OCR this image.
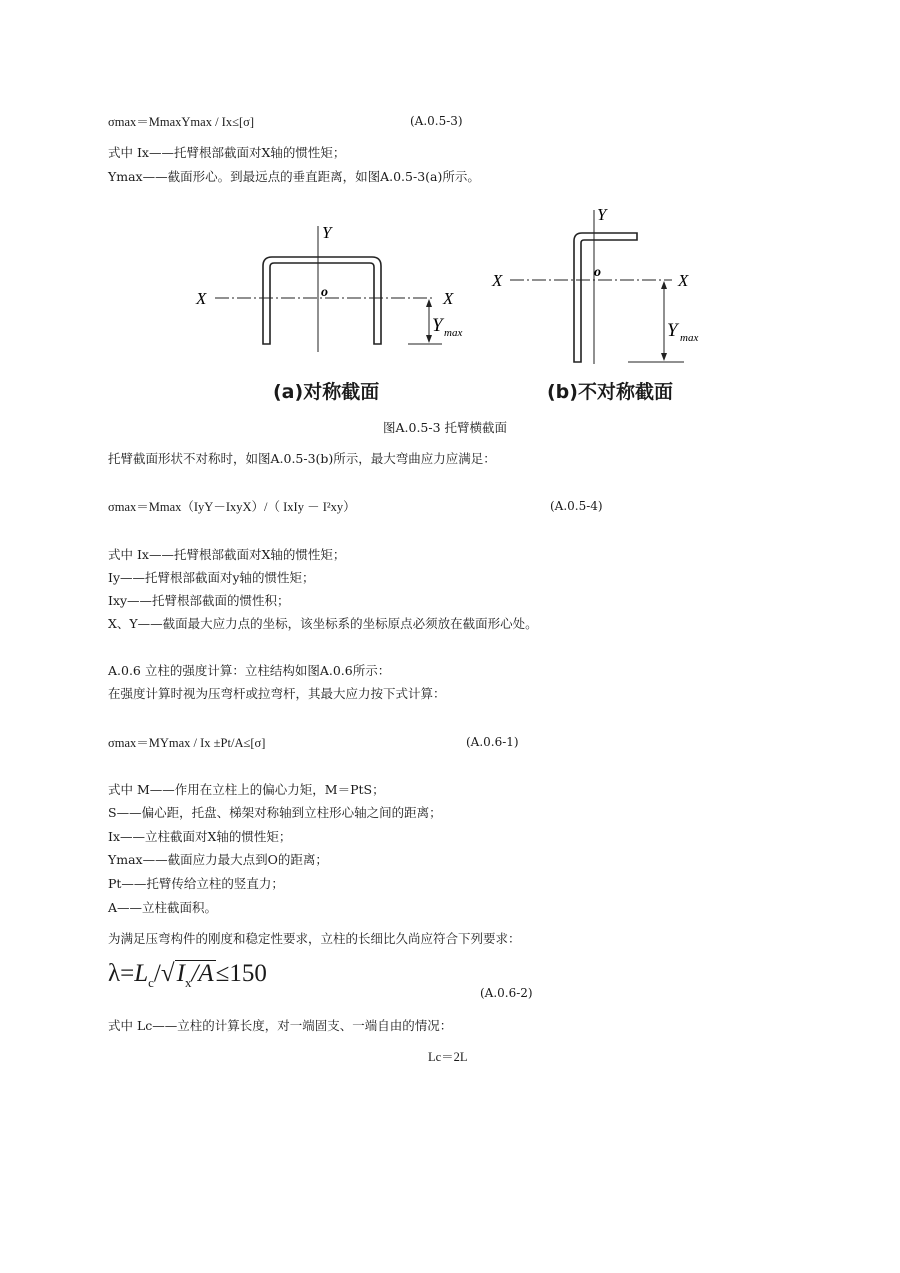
σmax＝MmaxYmax / Ix≤[σ]	(A.0.5-3)
式中 Ix——托臂根部截面对X轴的惯性矩；
Ymax——截面形心。到最远点的垂直距离，如图A.0.5-3(a)所示。
X	X
Y
o
Y max
X	X
Y
o
Y max
(a)对称截面	(b)不对称截面
图A.0.5-3 托臂横截面
托臂截面形状不对称时，如图A.0.5-3(b)所示，最大弯曲应力应满足：
σmax＝Mmax（IyY－IxyX）/（ IxIy － I²xy）	(A.0.5-4)
式中 Ix——托臂根部截面对X轴的惯性矩；
Iy——托臂根部截面对y轴的惯性矩；
Ixy——托臂根部截面的惯性积；
X、Y——截面最大应力点的坐标，该坐标系的坐标原点必须放在截面形心处。
A.0.6 立柱的强度计算：立柱结构如图A.0.6所示：
在强度计算时视为压弯杆或拉弯杆，其最大应力按下式计算：
σmax＝MYmax / Ix ±Pt/A≤[σ]	(A.0.6-1)
式中 M——作用在立柱上的偏心力矩，M＝PtS；
S——偏心距，托盘、梯架对称轴到立柱形心轴之间的距离；
Ix——立柱截面对X轴的惯性矩；
Ymax——截面应力最大点到O的距离；
Pt——托臂传给立柱的竖直力；
A——立柱截面积。
为满足压弯构件的刚度和稳定性要求，立柱的长细比久尚应符合下列要求：
$\lambda=L_c/√I_x/A\le 150$
(A.0.6-2)
式中 Lc——立柱的计算长度，对一端固支、一端自由的情况：
Lc＝2L
